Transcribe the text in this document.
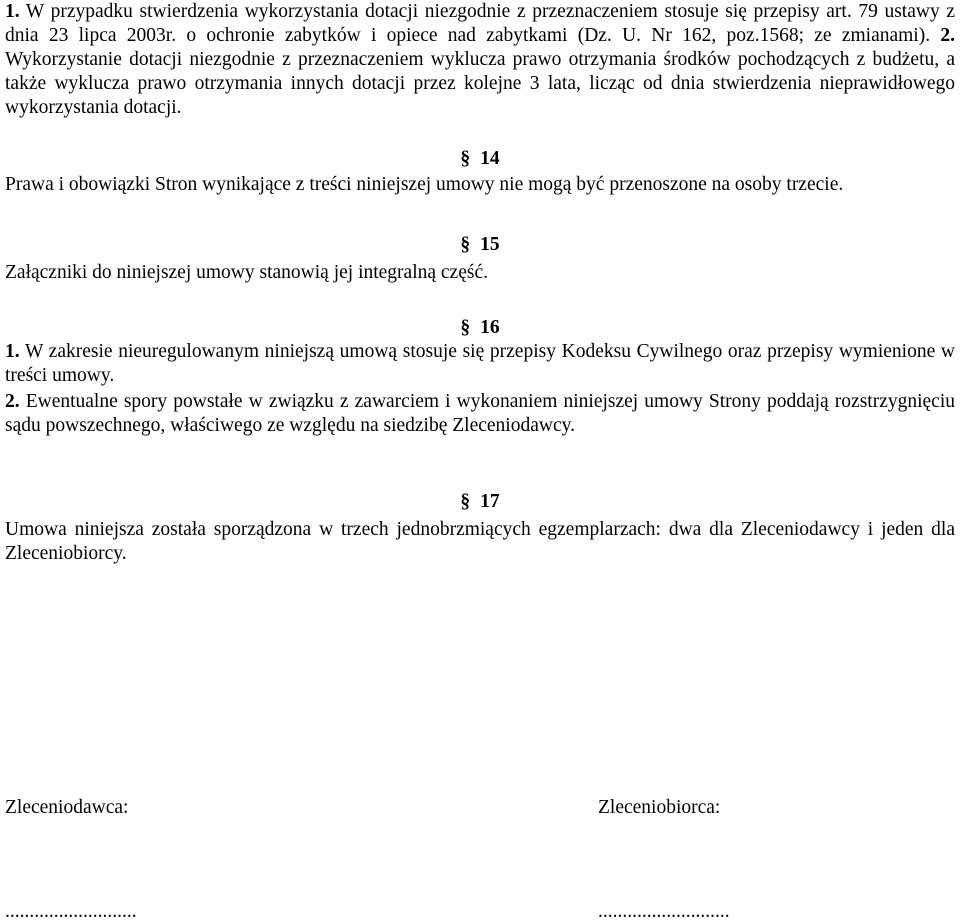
1. W przypadku stwierdzenia wykorzystania dotacji niezgodnie z przeznaczeniem stosuje się przepisy art. 79 ustawy z dnia 23 lipca 2003r. o ochronie zabytków i opiece nad zabytkami (Dz. U. Nr 162, poz.1568; ze zmianami). 2. Wykorzystanie dotacji niezgodnie z przeznaczeniem wyklucza prawo otrzymania środków pochodzących z budżetu, a także wyklucza prawo otrzymania innych dotacji przez kolejne 3 lata, licząc od dnia stwierdzenia nieprawidłowego wykorzystania dotacji.

§ 14

Prawa i obowiązki Stron wynikające z treści niniejszej umowy nie mogą być przenoszone na osoby trzecie.

§ 15

Załączniki do niniejszej umowy stanowią jej integralną część.

§ 16

1. W zakresie nieuregulowanym niniejszą umową stosuje się przepisy Kodeksu Cywilnego oraz przepisy wymienione w treści umowy.

2. Ewentualne spory powstałe w związku z zawarciem i wykonaniem niniejszej umowy Strony poddają rozstrzygnięciu sądu powszechnego, właściwego ze względu na siedzibę Zleceniodawcy.

§ 17

Umowa niniejsza została sporządzona w trzech jednobrzmiących egzemplarzach: dwa dla Zleceniodawcy i jeden dla Zleceniobiorcy.

Zleceniodawca:	Zleceniobiorca:
...........................	...........................
